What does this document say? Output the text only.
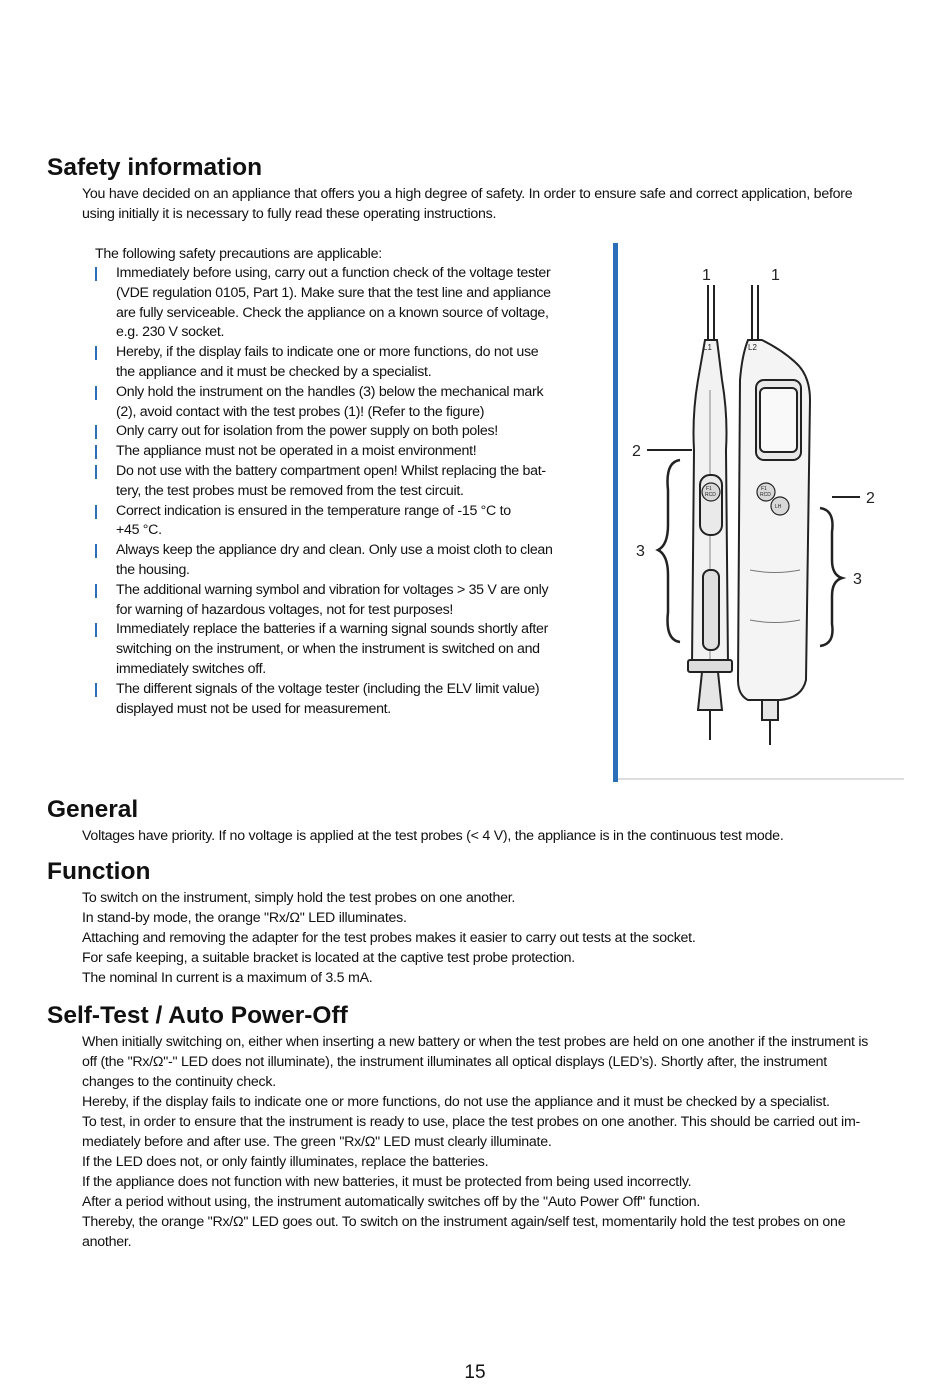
Safety information
You have decided on an appliance that offers you a high degree of safety. In order to ensure safe and correct application, before
using initially it is necessary to fully read these operating instructions.
The following safety precautions are applicable:
Immediately before using, carry out a function check of the voltage tester
(VDE regulation 0105, Part 1). Make sure that the test line and appliance
are fully serviceable. Check the appliance on a known source of voltage,
e.g. 230 V socket.
Hereby, if the display fails to indicate one or more functions, do not use
the appliance and it must be checked by a specialist.
Only hold the instrument on the handles (3) below the mechanical mark
(2), avoid contact with the test probes (1)! (Refer to the figure)
Only carry out for isolation from the power supply on both poles!
The appliance must not be operated in a moist environment!
Do not use with the battery compartment open! Whilst replacing the bat-
tery, the test probes must be removed from the test circuit.
Correct indication is ensured in the temperature range of -15 °C to
+45 °C.
Always keep the appliance dry and clean. Only use a moist cloth to clean
the housing.
The additional warning symbol and vibration for voltages > 35 V are only
for warning of hazardous voltages, not for test purposes!
Immediately replace the batteries if a warning signal sounds shortly after
switching on the instrument, or when the instrument is switched on and
immediately switches off.
The different signals of the voltage tester (including the ELV limit value)
displayed must not be used for measurement.
L1	L2
F1
RCD
F1
RCD
LH
1	1
2
2
3
3
General
Voltages have priority. If no voltage is applied at the test probes (< 4 V), the appliance is in the continuous test mode.
Function
To switch on the instrument, simply hold the test probes on one another.
In stand-by mode, the orange "Rx/Ω" LED illuminates.
Attaching and removing the adapter for the test probes makes it easier to carry out tests at the socket.
For safe keeping, a suitable bracket is located at the captive test probe protection.
The nominal In current is a maximum of 3.5 mA.
Self-Test / Auto Power-Off
When initially switching on, either when inserting a new battery or when the test probes are held on one another if the instrument is
off (the "Rx/Ω"-" LED does not illuminate), the instrument illuminates all optical displays (LED’s). Shortly after, the instrument
changes to the continuity check.
Hereby, if the display fails to indicate one or more functions, do not use the appliance and it must be checked by a specialist.
To test, in order to ensure that the instrument is ready to use, place the test probes on one another. This should be carried out im-
mediately before and after use. The green "Rx/Ω" LED must clearly illuminate.
If the LED does not, or only faintly illuminates, replace the batteries.
If the appliance does not function with new batteries, it must be protected from being used incorrectly.
After a period without using, the instrument automatically switches off by the "Auto Power Off" function.
Thereby, the orange "Rx/Ω" LED goes out. To switch on the instrument again/self test, momentarily hold the test probes on one
another.
15
